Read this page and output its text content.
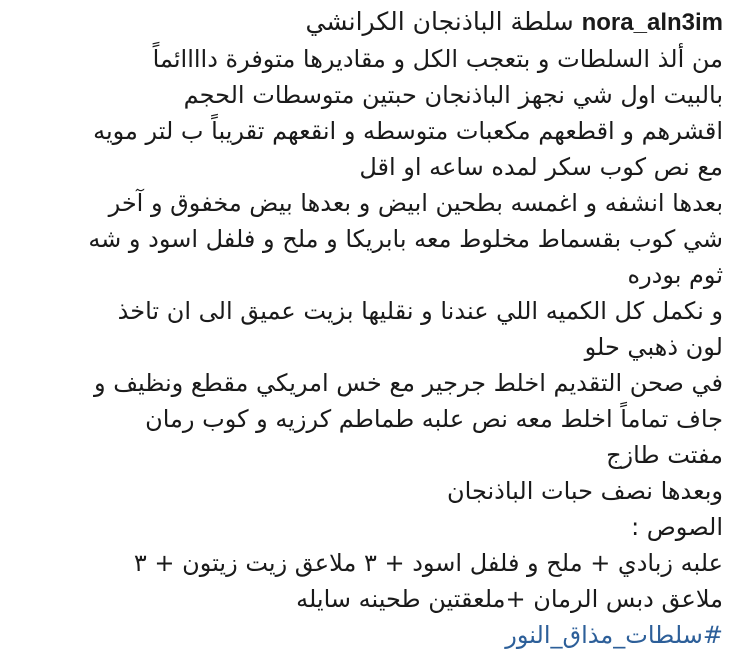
nora_aln3im سلطة الباذنجان الكرانشي
من ألذ السلطات و بتعجب الكل و مقاديرها متوفرة داااائماً
بالبيت اول شي نجهز الباذنجان حبتين متوسطات الحجم
اقشرهم و اقطعهم مكعبات متوسطه و انقعهم تقريباً ب لتر مويه
مع نص كوب سكر لمده ساعه او اقل
بعدها انشفه و اغمسه بطحين ابيض و بعدها بيض مخفوق و آخر
شي كوب بقسماط مخلوط معه بابريكا و ملح و فلفل اسود و شه
ثوم بودره
و نكمل كل الكميه اللي عندنا و نقليها بزيت عميق الى ان تاخذ
لون ذهبي حلو
في صحن التقديم اخلط جرجير مع خس امريكي مقطع ونظيف و
جاف تماماً اخلط معه نص علبه طماطم كرزيه و كوب رمان
مفتت طازج
وبعدها نصف حبات الباذنجان
الصوص :
علبه زبادي + ملح و فلفل اسود + ٣ ملاعق زيت زيتون + ٣
ملاعق دبس الرمان +ملعقتين طحينه سايله
#سلطات_مذاق_النور
